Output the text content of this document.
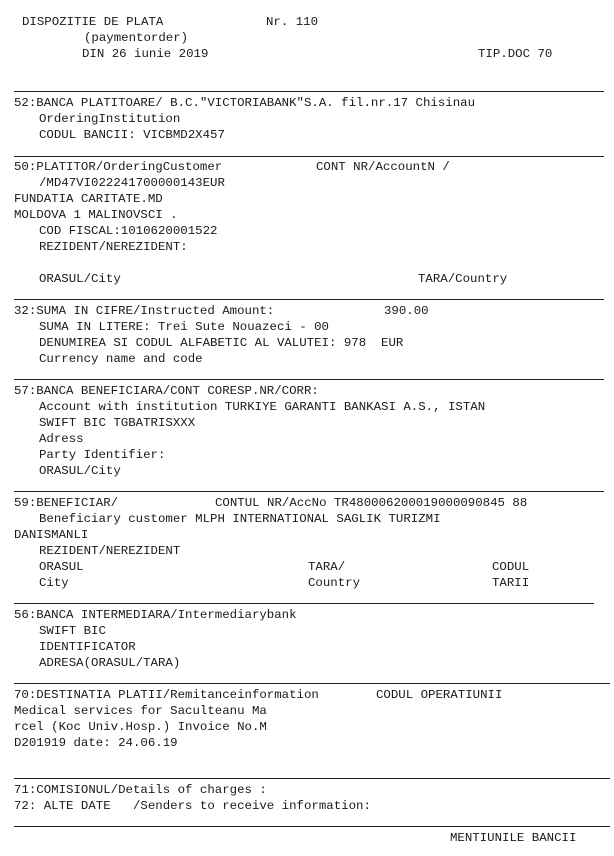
DISPOZITIE DE PLATA	Nr. 110
(paymentorder)
DIN 26 iunie 2019	TIP.DOC 70
52:BANCA PLATITOARE/ B.C."VICTORIABANK"S.A. fil.nr.17 Chisinau
OrderingInstitution
CODUL BANCII: VICBMD2X457
50:PLATITOR/OrderingCustomer	CONT NR/AccountN /
/MD47VI022241700000143EUR
FUNDATIA CARITATE.MD
MOLDOVA 1 MALINOVSCI .
COD FISCAL:1010620001522
REZIDENT/NEREZIDENT:
ORASUL/City	TARA/Country
32:SUMA IN CIFRE/Instructed Amount:	390.00
SUMA IN LITERE: Trei Sute Nouazeci - 00
DENUMIREA SI CODUL ALFABETIC AL VALUTEI: 978  EUR
Currency name and code
57:BANCA BENEFICIARA/CONT CORESP.NR/CORR:
Account with institution TURKIYE GARANTI BANKASI A.S., ISTAN
SWIFT BIC TGBATRISXXX
Adress
Party Identifier:
ORASUL/City
59:BENEFICIAR/	CONTUL NR/AccNo TR480006200019000090845 88
Beneficiary customer MLPH INTERNATIONAL SAGLIK TURIZMI
DANISMANLI
REZIDENT/NEREZIDENT
ORASUL	TARA/	CODUL
City	Country	TARII
56:BANCA INTERMEDIARA/Intermediarybank
SWIFT BIC
IDENTIFICATOR
ADRESA(ORASUL/TARA)
70:DESTINATIA PLATII/Remitanceinformation	CODUL OPERATIUNII
Medical services for Saculteanu Ma
rcel (Koc Univ.Hosp.) Invoice No.M
D201919 date: 24.06.19
71:COMISIONUL/Details of charges :
72: ALTE DATE   /Senders to receive information:
MENTIUNILE BANCII
